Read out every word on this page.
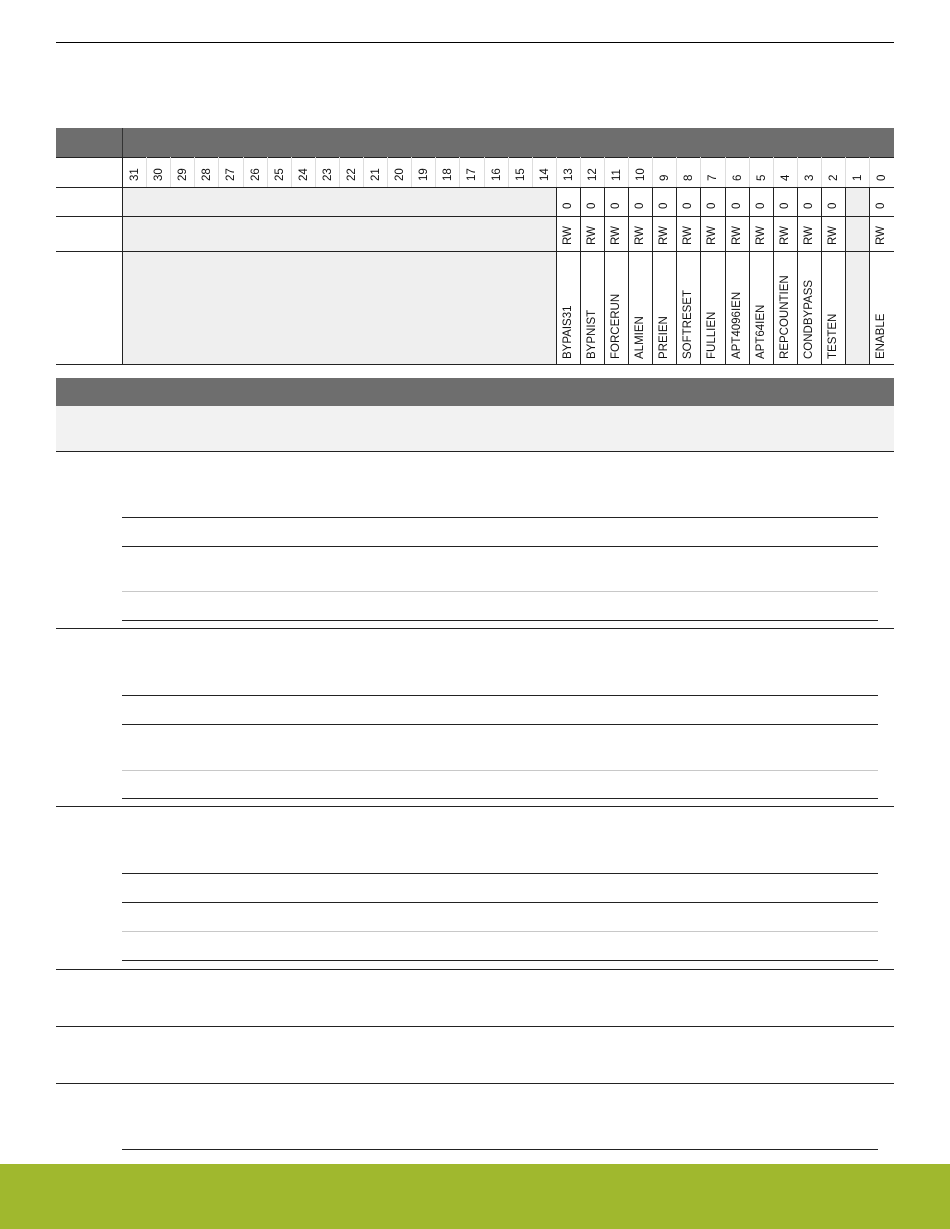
31 30 29 28 27 26 25 24 23 22 21 20 19 18 17 16 15 14 13 12 11 10 9 8 7 6 5 4 3 2 1 0
0
RW
BYPAIS31
0
RW
BYPNIST
0
RW
FORCERUN
0
RW
ALMIEN
0
RW
PREIEN
0
RW
SOFTRESET
0
RW
FULLIEN
0
RW
APT4096IEN
0
RW
APT64IEN
0
RW
REPCOUNTIEN
0
RW
CONDBYPASS
0
RW
TESTEN
0
RW
ENABLE
